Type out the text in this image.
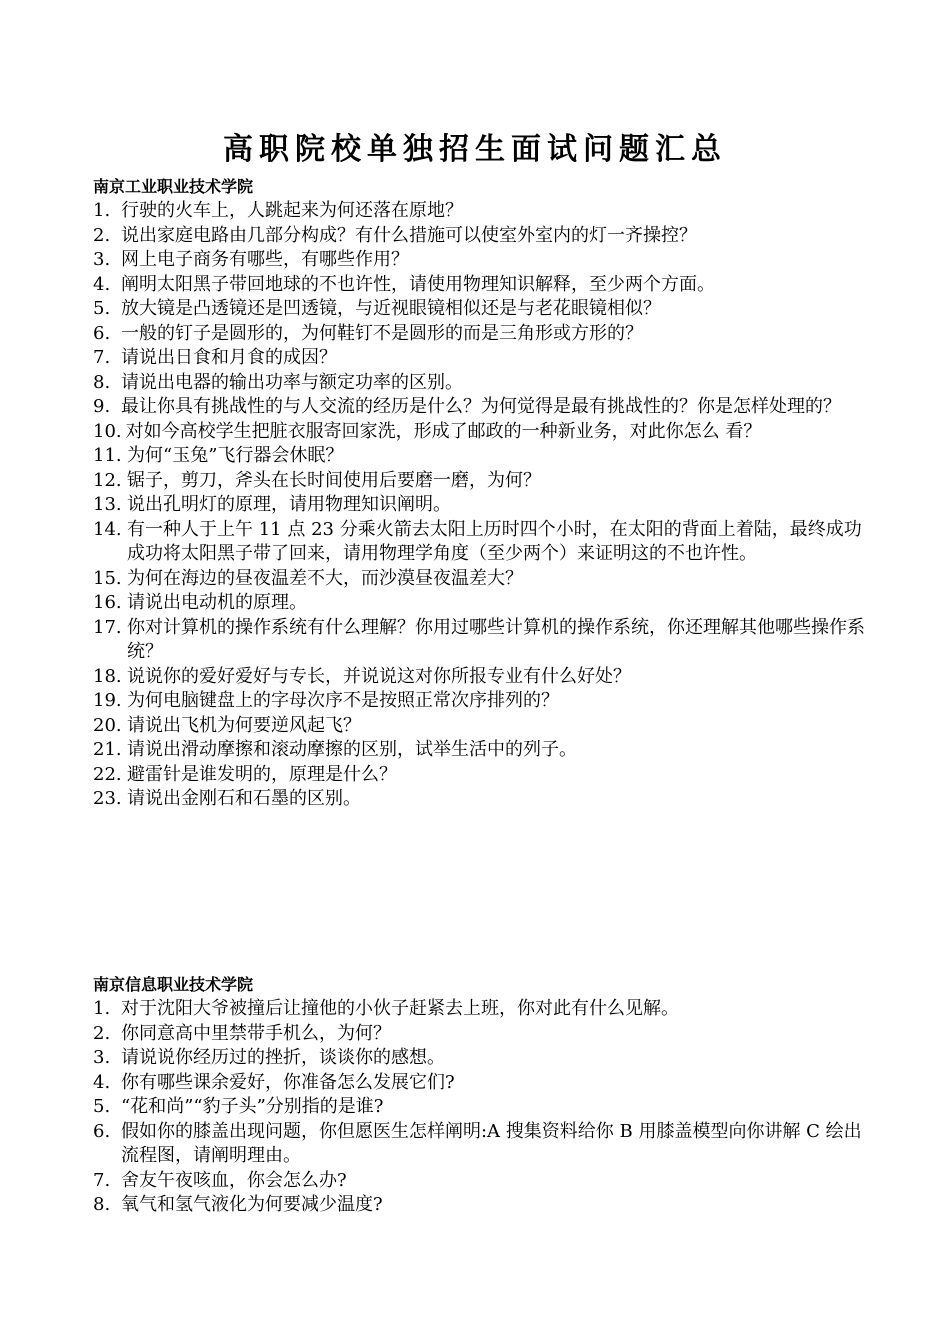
高职院校单独招生面试问题汇总
南京工业职业技术学院
1. 行驶的火车上，人跳起来为何还落在原地？
2. 说出家庭电路由几部分构成？有什么措施可以使室外室内的灯一齐操控？
3. 网上电子商务有哪些，有哪些作用？
4. 阐明太阳黑子带回地球的不也许性，请使用物理知识解释，至少两个方面。
5. 放大镜是凸透镜还是凹透镜，与近视眼镜相似还是与老花眼镜相似？
6. 一般的钉子是圆形的，为何鞋钉不是圆形的而是三角形或方形的？
7. 请说出日食和月食的成因？
8. 请说出电器的输出功率与额定功率的区别。
9. 最让你具有挑战性的与人交流的经历是什么？为何觉得是最有挑战性的？你是怎样处理的？
10. 对如今高校学生把脏衣服寄回家洗，形成了邮政的一种新业务，对此你怎么 看？
11. 为何“玉兔”飞行器会休眠？
12. 锯子，剪刀，斧头在长时间使用后要磨一磨，为何？
13. 说出孔明灯的原理，请用物理知识阐明。
14. 有一种人于上午 11 点 23 分乘火箭去太阳上历时四个小时，在太阳的背面上着陆，最终成功成功将太阳黑子带了回来，请用物理学角度（至少两个）来证明这的不也许性。
15. 为何在海边的昼夜温差不大，而沙漠昼夜温差大？
16. 请说出电动机的原理。
17. 你对计算机的操作系统有什么理解？你用过哪些计算机的操作系统，你还理解其他哪些操作系统？
18. 说说你的爱好爱好与专长，并说说这对你所报专业有什么好处？
19. 为何电脑键盘上的字母次序不是按照正常次序排列的？
20. 请说出飞机为何要逆风起飞？
21. 请说出滑动摩擦和滚动摩擦的区别，试举生活中的列子。
22. 避雷针是谁发明的，原理是什么？
23. 请说出金刚石和石墨的区别。
南京信息职业技术学院
1. 对于沈阳大爷被撞后让撞他的小伙子赶紧去上班，你对此有什么见解。
2. 你同意高中里禁带手机么，为何？
3. 请说说你经历过的挫折，谈谈你的感想。
4. 你有哪些课余爱好，你准备怎么发展它们?
5. “花和尚”“豹子头”分别指的是谁?
6. 假如你的膝盖出现问题，你但愿医生怎样阐明:A 搜集资料给你 B 用膝盖模型向你讲解 C 绘出流程图，请阐明理由。
7. 舍友午夜咳血，你会怎么办?
8. 氧气和氢气液化为何要减少温度?
